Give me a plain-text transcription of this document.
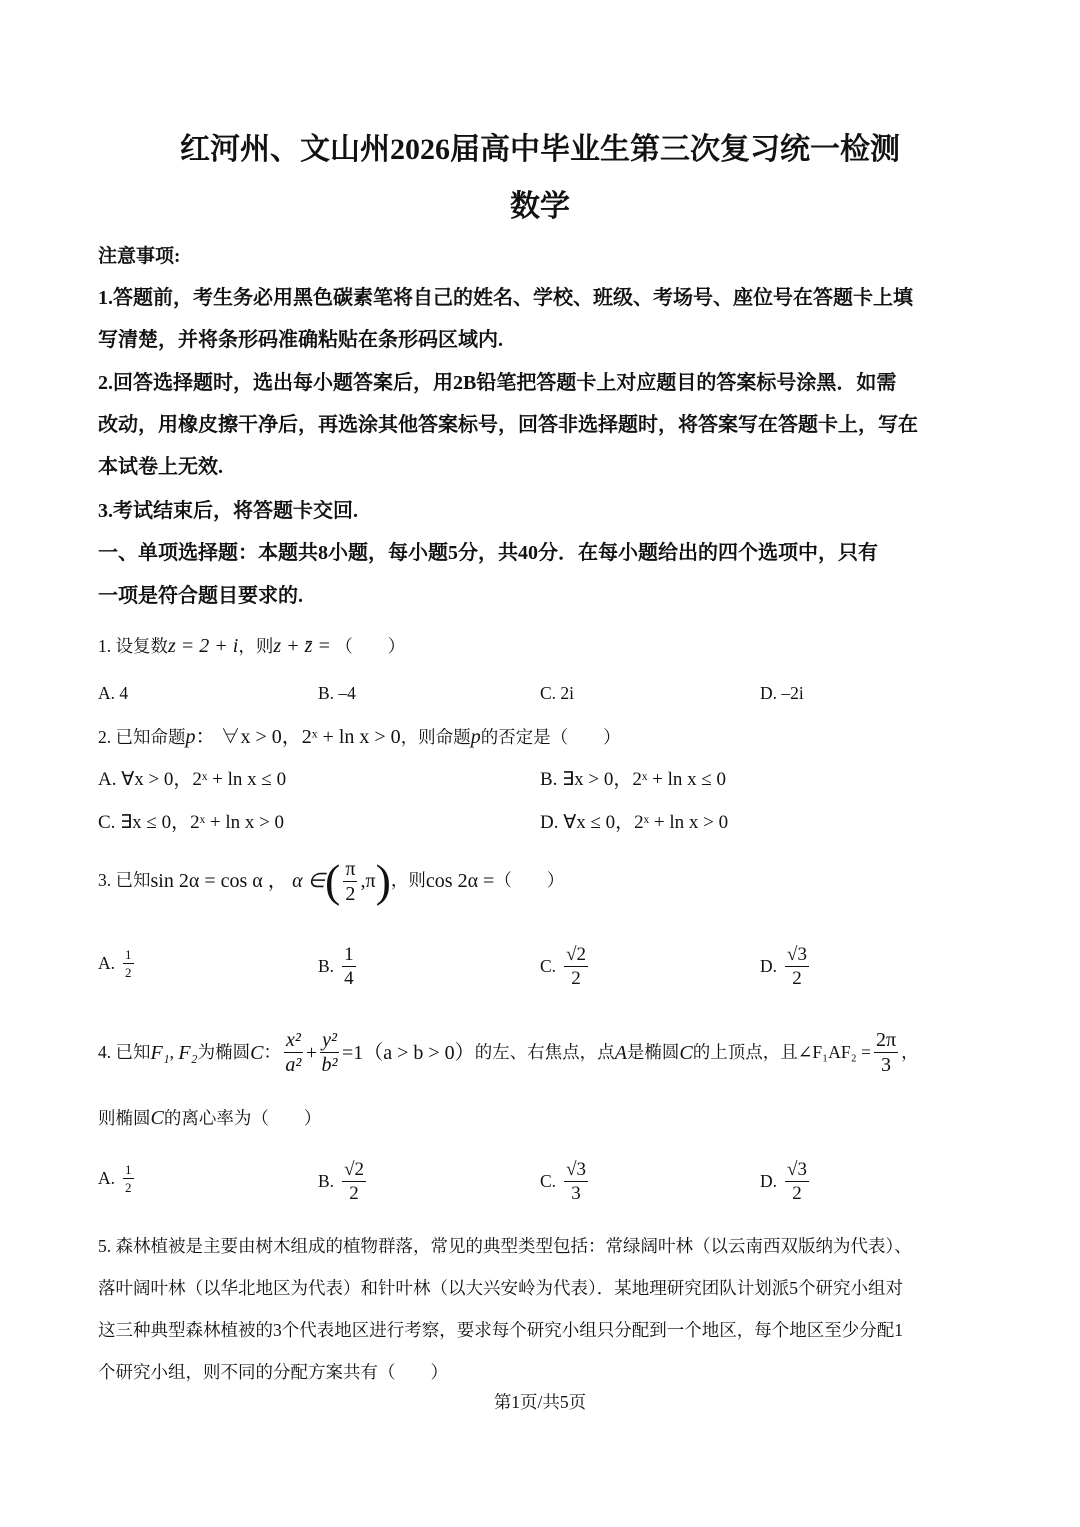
红河州、文山州2026届高中毕业生第三次复习统一检测
数学
注意事项:
1.答题前，考生务必用黑色碳素笔将自己的姓名、学校、班级、考场号、座位号在答题卡上填
写清楚，并将条形码准确粘贴在条形码区域内.
2.回答选择题时，选出每小题答案后，用2B铅笔把答题卡上对应题目的答案标号涂黑．如需
改动，用橡皮擦干净后，再选涂其他答案标号，回答非选择题时，将答案写在答题卡上，写在
本试卷上无效.
3.考试结束后，将答题卡交回.
一、单项选择题：本题共8小题，每小题5分，共40分．在每小题给出的四个选项中，只有
一项是符合题目要求的.
1. 设复数z = 2 + i，则z + z̄ = （　　）
A. 4	B. –4	C. 2i	D. –2i
2. 已知命题p： ∀x > 0，2ˣ + ln x > 0，则命题p的否定是（　　）
A. ∀x > 0，2ˣ + ln x ≤ 0	B. ∃x > 0，2ˣ + ln x ≤ 0
C. ∃x ≤ 0，2ˣ + ln x > 0	D. ∀x ≤ 0，2ˣ + ln x > 0
3. 已知 sin 2α = cos α ，
α ∈ ( $\frac{\pi}{2} ,\pi$ ) ，则 cos 2α = （　　）
A. $\frac{1}{2}$	B. $\frac{1}{4}$	C. $\frac{√2}{2}$	D. $\frac{√3}{2}$
4. 已知 F₁ , F₂ 为椭圆 C ： $\frac{\text{x²}}{\text{a²}} + \frac{\text{y²}}{\text{b²}} =1(a > b > 0)$ 的左、右焦点，点 A 是椭圆 C 的上顶点，且∠F₁AF₂ = $\frac{2\pi}{3}$ ，
则椭圆C的离心率为（　　）
A. $\frac{1}{2}$	B. $\frac{√2}{2}$	C. $\frac{√3}{3}$	D. $\frac{√3}{2}$
5. 森林植被是主要由树木组成的植物群落，常见的典型类型包括：常绿阔叶林（以云南西双版纳为代表）、
落叶阔叶林（以华北地区为代表）和针叶林（以大兴安岭为代表）．某地理研究团队计划派5个研究小组对
这三种典型森林植被的3个代表地区进行考察，要求每个研究小组只分配到一个地区，每个地区至少分配1
个研究小组，则不同的分配方案共有（　　）
第1页/共5页
